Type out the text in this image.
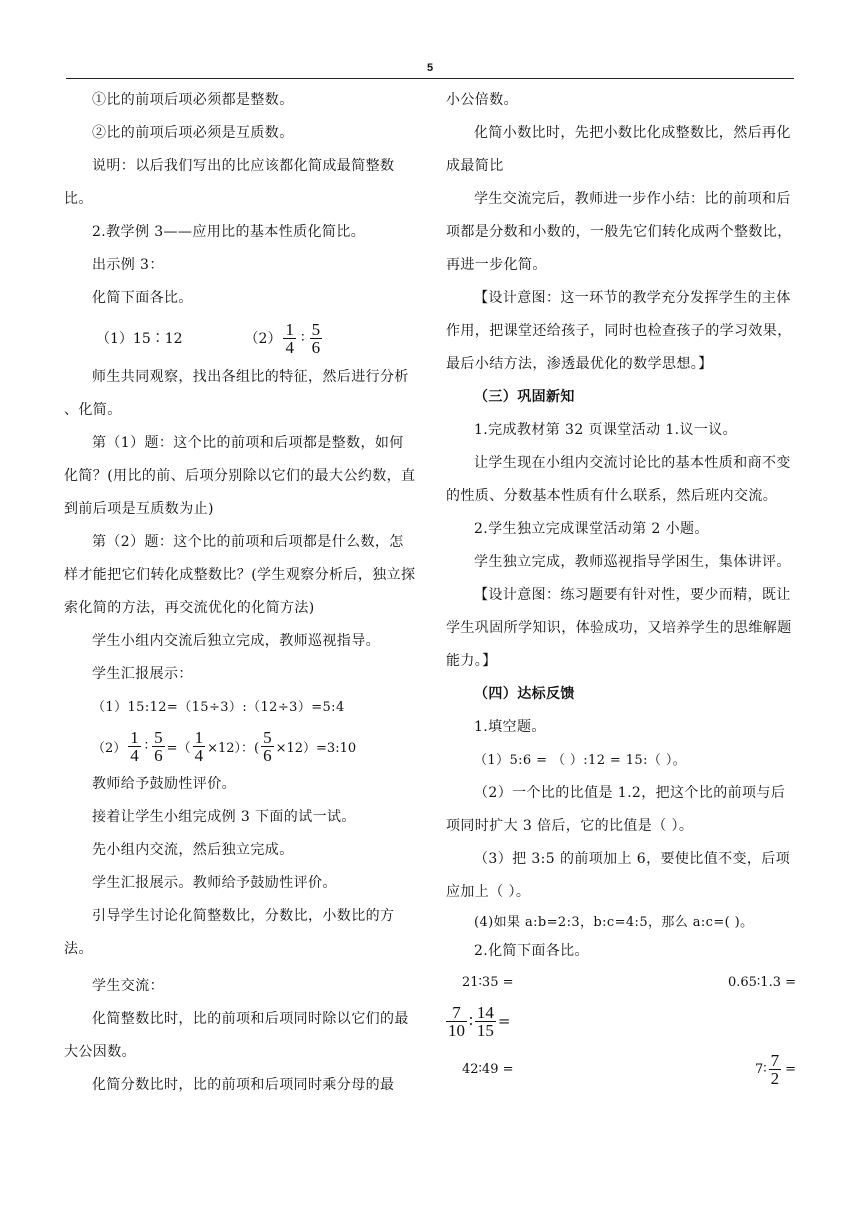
5

①比的前项后项必须都是整数。

②比的前项后项必须是互质数。

说明：以后我们写出的比应该都化简成最简整数比。

2.教学例 3——应用比的基本性质化简比。

出示例 3：

化简下面各比。

（1）15∶12	$(2) \frac{1}{4}$ ∶ $\frac{5}{6}$

师生共同观察，找出各组比的特征，然后进行分析 、化简。

第（1）题：这个比的前项和后项都是整数，如何化简？(用比的前、后项分别除以它们的最大公约数，直到前后项是互质数为止)

第（2）题：这个比的前项和后项都是什么数，怎样才能把它们转化成整数比？(学生观察分析后，独立探索化简的方法，再交流优化的化简方法)

学生小组内交流后独立完成，教师巡视指导。

学生汇报展示：

（1）15:12=（15÷3）:（12÷3）=5:4

$(2) \frac{1}{4}$ ∶ $\frac{5}{6}$ =（ $\frac{1}{4} \times 12$）：( $\frac{5}{6}$ ×12）=3:10

教师给予鼓励性评价。

接着让学生小组完成例 3 下面的试一试。

先小组内交流，然后独立完成。

学生汇报展示。教师给予鼓励性评价。

引导学生讨论化简整数比，分数比，小数比的方法。

学生交流：

化简整数比时，比的前项和后项同时除以它们的最大公因数。

化简分数比时，比的前项和后项同时乘分母的最

小公倍数。

化简小数比时，先把小数比化成整数比，然后再化成最简比

学生交流完后，教师进一步作小结：比的前项和后项都是分数和小数的，一般先它们转化成两个整数比，再进一步化简。

【设计意图：这一环节的教学充分发挥学生的主体作用，把课堂还给孩子，同时也检查孩子的学习效果，最后小结方法，渗透最优化的数学思想。】

（三）巩固新知

1.完成教材第 32 页课堂活动 1.议一议。

让学生现在小组内交流讨论比的基本性质和商不变的性质、分数基本性质有什么联系，然后班内交流。

2.学生独立完成课堂活动第 2 小题。

学生独立完成，教师巡视指导学困生，集体讲评。

【设计意图：练习题要有针对性，要少而精，既让学生巩固所学知识，体验成功，又培养学生的思维解题能力。】

（四）达标反馈

1.填空题。

（1）5:6 = （ ）:12 = 15:（ ）。

（2）一个比的比值是 1.2，把这个比的前项与后项同时扩大 3 倍后，它的比值是（ ）。

（3）把 3:5 的前项加上 6，要使比值不变，后项应加上（ ）。

(4)如果 a:b=2:3，b:c=4:5，那么 a:c=( )。

2.化简下面各比。

21∶35 =	0.65∶1.3 =
$\frac{7}{10}$ ∶ $\frac{14}{15}$ =
42∶49 =	7∶ $\frac{7}{2}$ =
